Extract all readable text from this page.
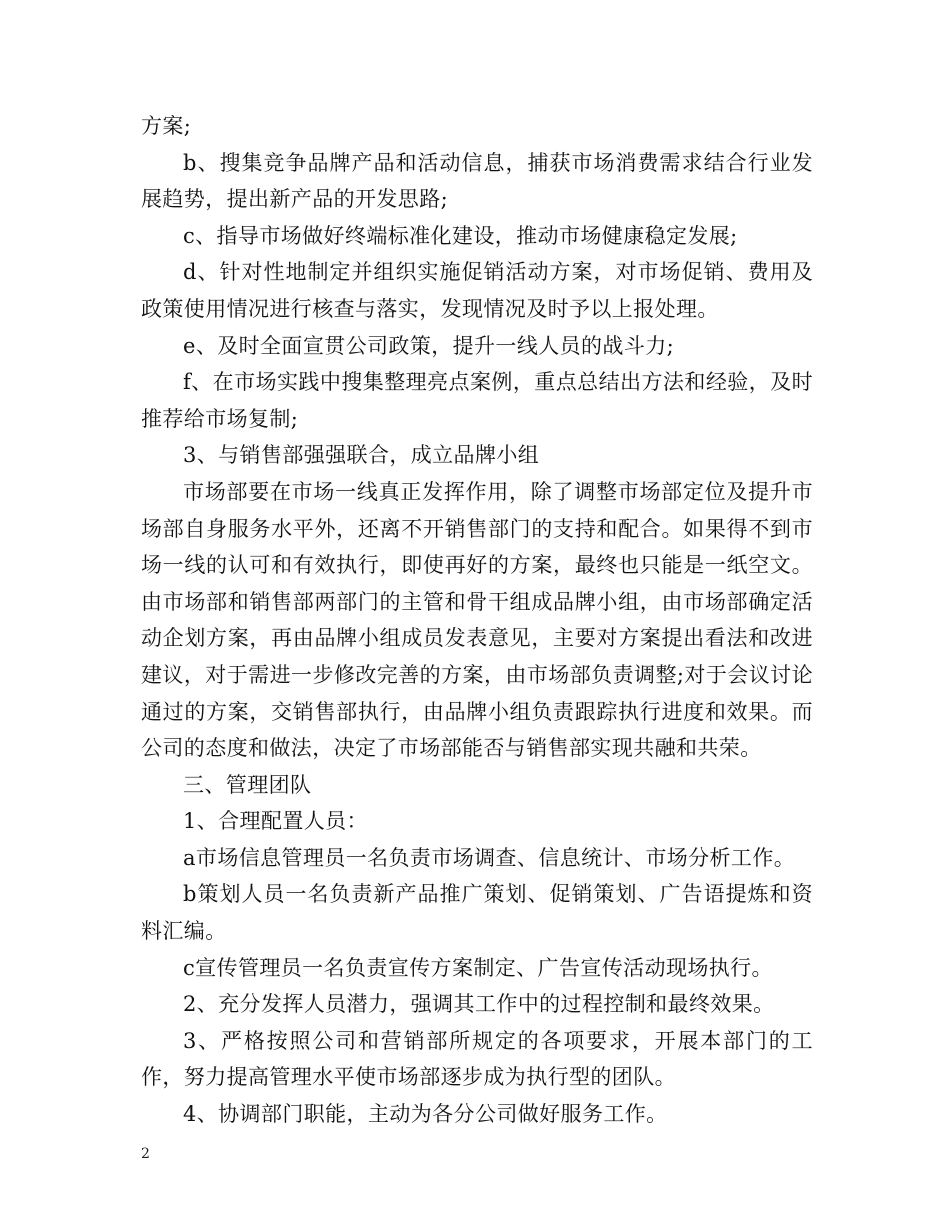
方案;

b、搜集竞争品牌产品和活动信息，捕获市场消费需求结合行业发展趋势，提出新产品的开发思路;

c、指导市场做好终端标准化建设，推动市场健康稳定发展;

d、针对性地制定并组织实施促销活动方案，对市场促销、费用及政策使用情况进行核查与落实，发现情况及时予以上报处理。

e、及时全面宣贯公司政策，提升一线人员的战斗力;

f、在市场实践中搜集整理亮点案例，重点总结出方法和经验，及时推荐给市场复制;

3、与销售部强强联合，成立品牌小组

市场部要在市场一线真正发挥作用，除了调整市场部定位及提升市场部自身服务水平外，还离不开销售部门的支持和配合。如果得不到市场一线的认可和有效执行，即使再好的方案，最终也只能是一纸空文。由市场部和销售部两部门的主管和骨干组成品牌小组，由市场部确定活动企划方案，再由品牌小组成员发表意见，主要对方案提出看法和改进建议，对于需进一步修改完善的方案，由市场部负责调整;对于会议讨论通过的方案，交销售部执行，由品牌小组负责跟踪执行进度和效果。而公司的态度和做法，决定了市场部能否与销售部实现共融和共荣。

三、管理团队

1、合理配置人员：

a市场信息管理员一名负责市场调查、信息统计、市场分析工作。

b策划人员一名负责新产品推广策划、促销策划、广告语提炼和资料汇编。

c宣传管理员一名负责宣传方案制定、广告宣传活动现场执行。

2、充分发挥人员潜力，强调其工作中的过程控制和最终效果。

3、严格按照公司和营销部所规定的各项要求，开展本部门的工作，努力提高管理水平使市场部逐步成为执行型的团队。

4、协调部门职能，主动为各分公司做好服务工作。

2
